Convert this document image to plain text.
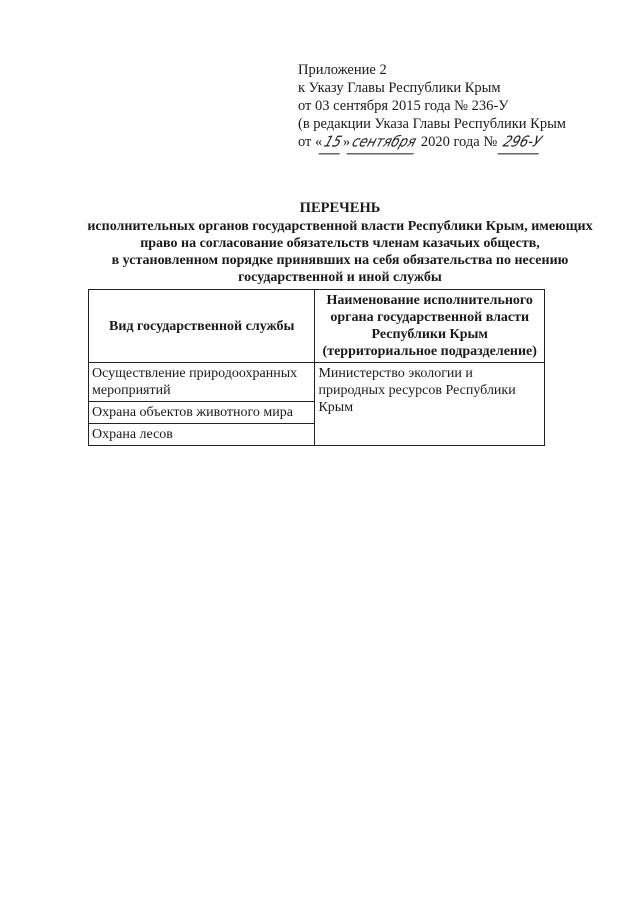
Приложение 2
к Указу Главы Республики Крым
от 03 сентября 2015 года № 236-У
(в редакции Указа Главы Республики Крым
от «15»сентября 2020 года № 296-У
ПЕРЕЧЕНЬ
исполнительных органов государственной власти Республики Крым, имеющих
право на согласование обязательств членам казачьих обществ,
в установленном порядке принявших на себя обязательства по несению
государственной и иной службы
Вид государственной службы	Наименование исполнительного
органа государственной власти
Республики Крым
(территориальное подразделение)

Осуществление природоохранных мероприятий	Министерство экологии и природных ресурсов Республики Крым
Охрана объектов животного мира	
Охрана лесов	
